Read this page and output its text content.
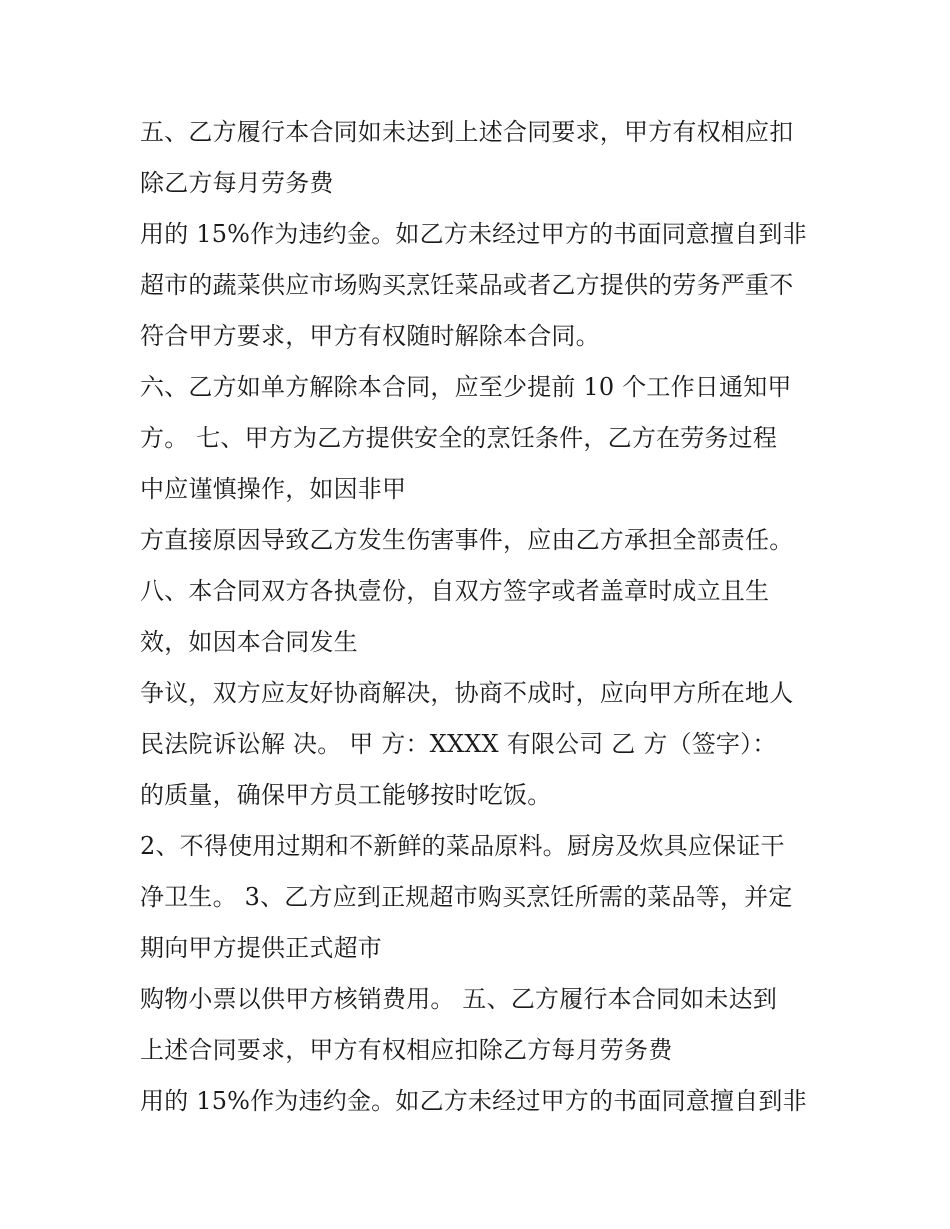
五、乙方履行本合同如未达到上述合同要求，甲方有权相应扣
除乙方每月劳务费
用的 15%作为违约金。如乙方未经过甲方的书面同意擅自到非
超市的蔬菜供应市场购买烹饪菜品或者乙方提供的劳务严重不
符合甲方要求，甲方有权随时解除本合同。
六、乙方如单方解除本合同，应至少提前 10 个工作日通知甲
方。 七、甲方为乙方提供安全的烹饪条件，乙方在劳务过程
中应谨慎操作，如因非甲
方直接原因导致乙方发生伤害事件，应由乙方承担全部责任。
八、本合同双方各执壹份，自双方签字或者盖章时成立且生
效，如因本合同发生
争议，双方应友好协商解决，协商不成时，应向甲方所在地人
民法院诉讼解 决。 甲 方：XXXX 有限公司 乙 方（签字）：
的质量，确保甲方员工能够按时吃饭。
2、不得使用过期和不新鲜的菜品原料。厨房及炊具应保证干
净卫生。 3、乙方应到正规超市购买烹饪所需的菜品等，并定
期向甲方提供正式超市
购物小票以供甲方核销费用。 五、乙方履行本合同如未达到
上述合同要求，甲方有权相应扣除乙方每月劳务费
用的 15%作为违约金。如乙方未经过甲方的书面同意擅自到非
